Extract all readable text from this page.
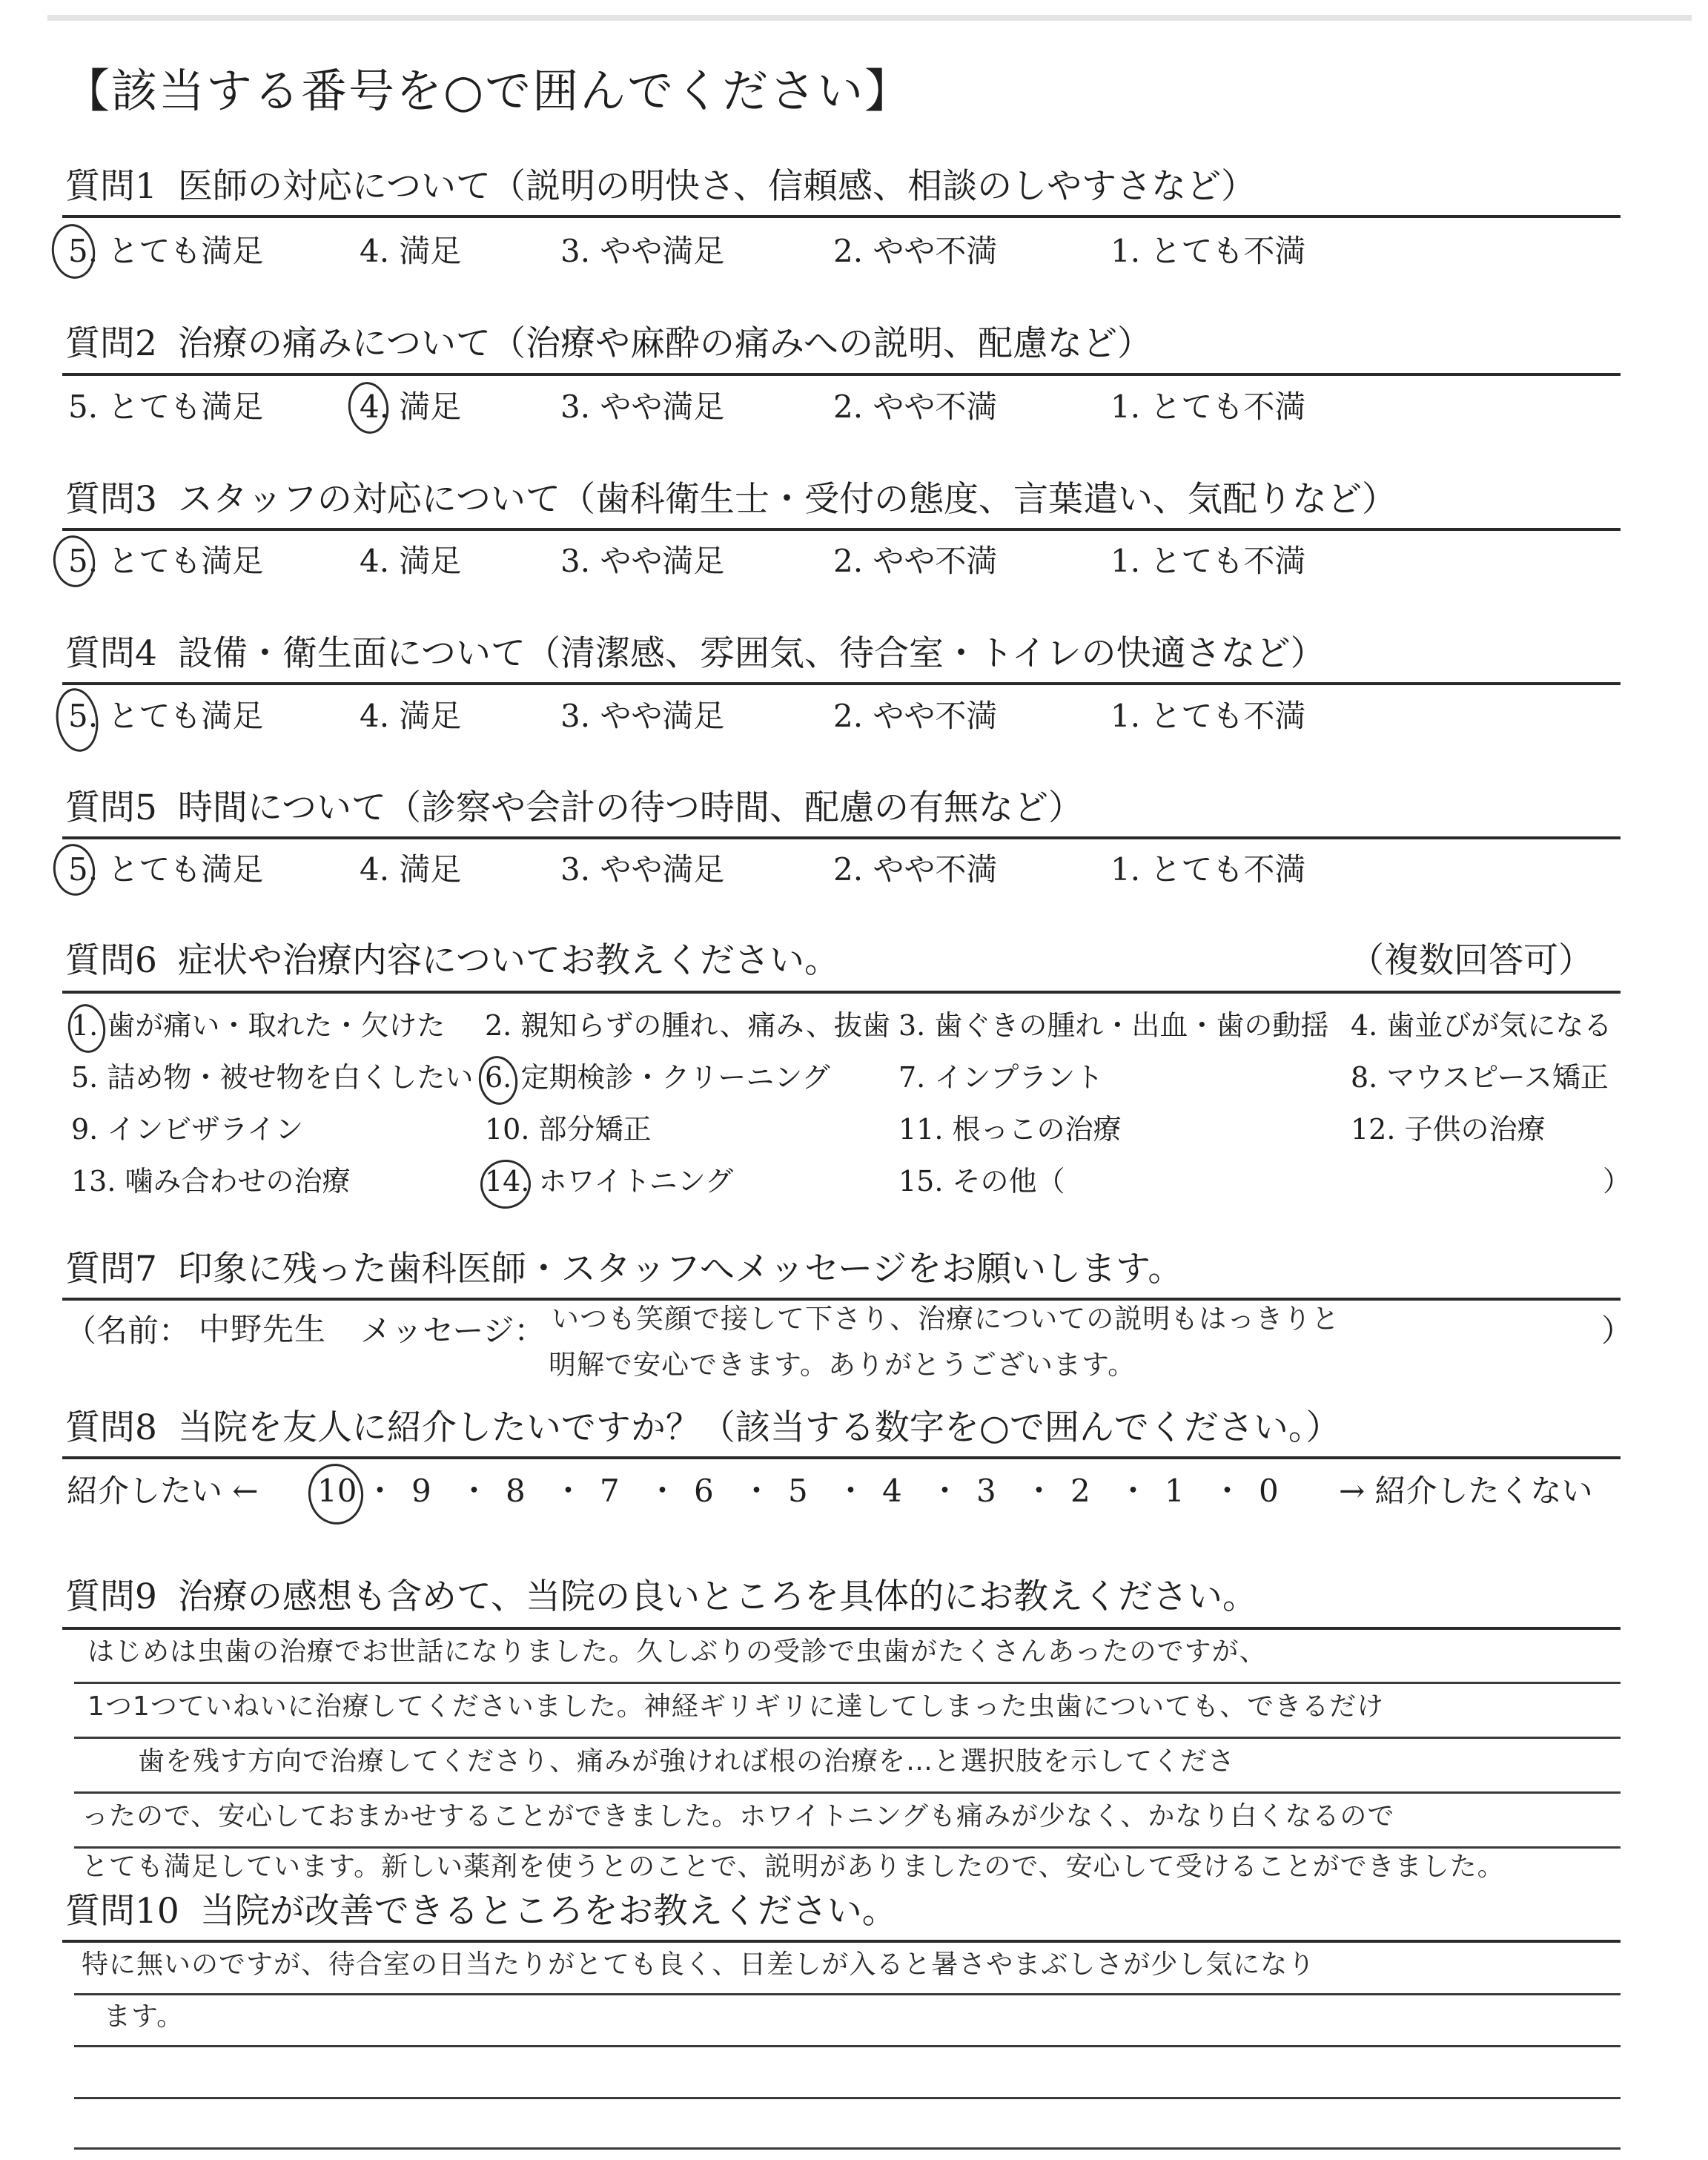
【該当する番号を○で囲んでください】
質問1 医師の対応について（説明の明快さ、信頼感、相談のしやすさなど）
5. とても満足	4. 満足	3. やや満足	2. やや不満	1. とても不満
質問2 治療の痛みについて（治療や麻酔の痛みへの説明、配慮など）
5. とても満足	4. 満足	3. やや満足	2. やや不満	1. とても不満
質問3 スタッフの対応について（歯科衛生士・受付の態度、言葉遣い、気配りなど）
5. とても満足	4. 満足	3. やや満足	2. やや不満	1. とても不満
質問4 設備・衛生面について（清潔感、雰囲気、待合室・トイレの快適さなど）
5. とても満足	4. 満足	3. やや満足	2. やや不満	1. とても不満
質問5 時間について（診察や会計の待つ時間、配慮の有無など）
5. とても満足	4. 満足	3. やや満足	2. やや不満	1. とても不満
質問6 症状や治療内容についてお教えください。	（複数回答可）
1. 歯が痛い・取れた・欠けた 2. 親知らずの腫れ、痛み、抜歯 3. 歯ぐきの腫れ・出血・歯の動揺 4. 歯並びが気になる
5. 詰め物・被せ物を白くしたい 6. 定期検診・クリーニング 7. インプラント	8. マウスピース矯正
9. インビザライン	10. 部分矯正	11. 根っこの治療	12. 子供の治療
13. 噛み合わせの治療	14. ホワイトニング	15. その他（	）
質問7 印象に残った歯科医師・スタッフへメッセージをお願いします。
（名前： 中野先生 メッセージ： いつも笑顔で接して下さり、治療についての説明もはっきりと
明解で安心できます。ありがとうございます。
）
質問8 当院を友人に紹介したいですか？（該当する数字を○で囲んでください。）
紹介したい ← 10 ・ 9 ・ 8 ・ 7 ・ 6 ・ 5 ・ 4 ・ 3 ・ 2 ・ 1 ・ 0 → 紹介したくない
質問9 治療の感想も含めて、当院の良いところを具体的にお教えください。
はじめは虫歯の治療でお世話になりました。久しぶりの受診で虫歯がたくさんあったのですが、
1つ1つていねいに治療してくださいました。神経ギリギリに達してしまった虫歯についても、できるだけ
歯を残す方向で治療してくださり、痛みが強ければ根の治療を…と選択肢を示してくださ
ったので、安心しておまかせすることができました。ホワイトニングも痛みが少なく、かなり白くなるので
とても満足しています。新しい薬剤を使うとのことで、説明がありましたので、安心して受けることができました。
質問10 当院が改善できるところをお教えください。
特に無いのですが、待合室の日当たりがとても良く、日差しが入ると暑さやまぶしさが少し気になり
ます。
